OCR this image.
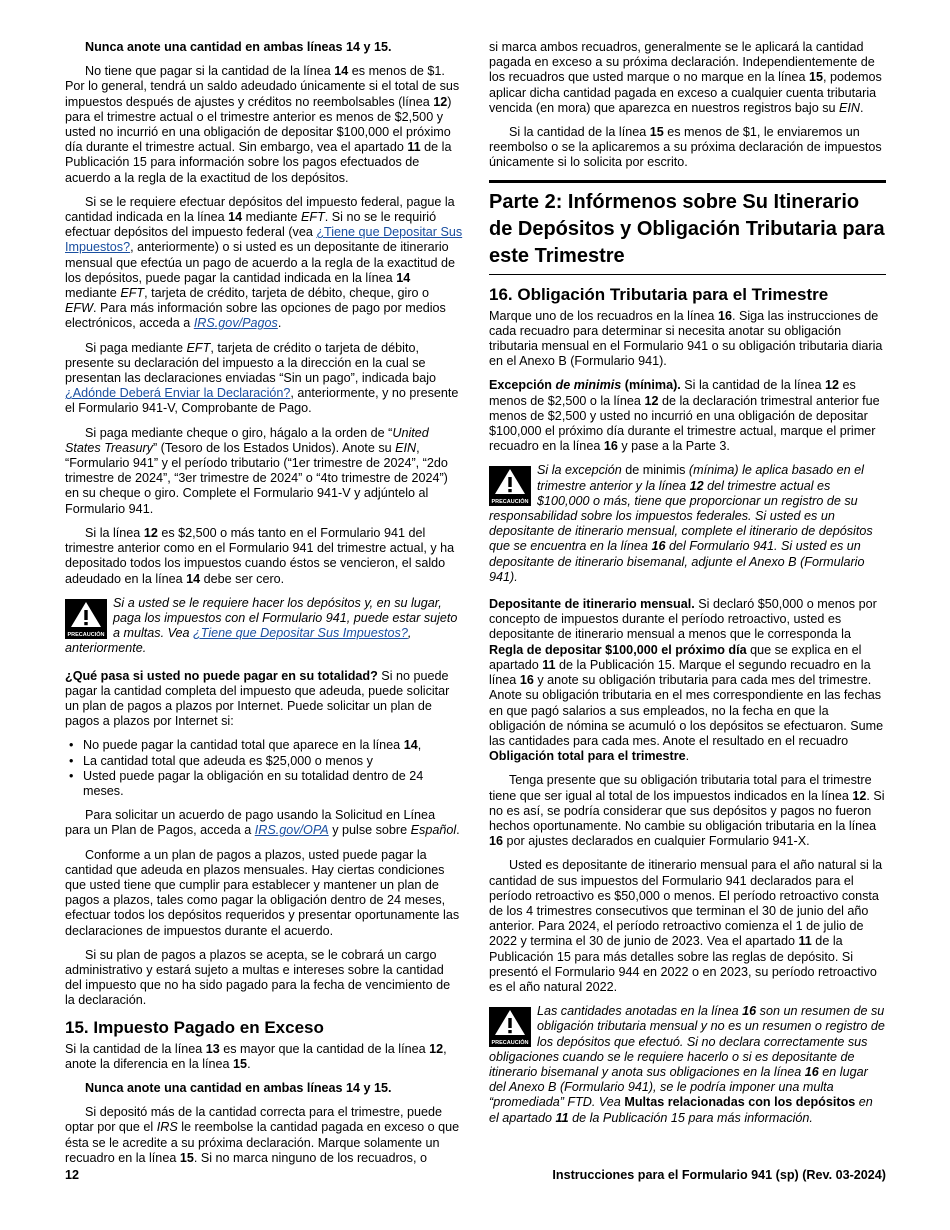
Nunca anote una cantidad en ambas líneas 14 y 15.

No tiene que pagar si la cantidad de la línea 14 es menos de $1. Por lo general, tendrá un saldo adeudado únicamente si el total de sus impuestos después de ajustes y créditos no reembolsables (línea 12) para el trimestre actual o el trimestre anterior es menos de $2,500 y usted no incurrió en una obligación de depositar $100,000 el próximo día durante el trimestre actual. Sin embargo, vea el apartado 11 de la Publicación 15 para información sobre los pagos efectuados de acuerdo a la regla de la exactitud de los depósitos.

Si se le requiere efectuar depósitos del impuesto federal, pague la cantidad indicada en la línea 14 mediante EFT. Si no se le requirió efectuar depósitos del impuesto federal (vea ¿Tiene que Depositar Sus Impuestos?, anteriormente) o si usted es un depositante de itinerario mensual que efectúa un pago de acuerdo a la regla de la exactitud de los depósitos, puede pagar la cantidad indicada en la línea 14 mediante EFT, tarjeta de crédito, tarjeta de débito, cheque, giro o EFW. Para más información sobre las opciones de pago por medios electrónicos, acceda a IRS.gov/Pagos.

Si paga mediante EFT, tarjeta de crédito o tarjeta de débito, presente su declaración del impuesto a la dirección en la cual se presentan las declaraciones enviadas “Sin un pago”, indicada bajo ¿Adónde Deberá Enviar la Declaración?, anteriormente, y no presente el Formulario 941-V, Comprobante de Pago.

Si paga mediante cheque o giro, hágalo a la orden de “United States Treasury” (Tesoro de los Estados Unidos). Anote su EIN, “Formulario 941” y el período tributario (“1er trimestre de 2024”, “2do trimestre de 2024”, “3er trimestre de 2024” o “4to trimestre de 2024”) en su cheque o giro. Complete el Formulario 941-V y adjúntelo al Formulario 941.

Si la línea 12 es $2,500 o más tanto en el Formulario 941 del trimestre anterior como en el Formulario 941 del trimestre actual, y ha depositado todos los impuestos cuando éstos se vencieron, el saldo adeudado en la línea 14 debe ser cero.

PRECAUCIÓN
Si a usted se le requiere hacer los depósitos y, en su lugar, paga los impuestos con el Formulario 941, puede estar sujeto a multas. Vea ¿Tiene que Depositar Sus Impuestos?, anteriormente.

¿Qué pasa si usted no puede pagar en su totalidad? Si no puede pagar la cantidad completa del impuesto que adeuda, puede solicitar un plan de pagos a plazos por Internet. Puede solicitar un plan de pagos a plazos por Internet si:

• No puede pagar la cantidad total que aparece en la línea 14,
• La cantidad total que adeuda es $25,000 o menos y
• Usted puede pagar la obligación en su totalidad dentro de 24 meses.

Para solicitar un acuerdo de pago usando la Solicitud en Línea para un Plan de Pagos, acceda a IRS.gov/OPA y pulse sobre Español.

Conforme a un plan de pagos a plazos, usted puede pagar la cantidad que adeuda en plazos mensuales. Hay ciertas condiciones que usted tiene que cumplir para establecer y mantener un plan de pagos a plazos, tales como pagar la obligación dentro de 24 meses, efectuar todos los depósitos requeridos y presentar oportunamente las declaraciones de impuestos durante el acuerdo.

Si su plan de pagos a plazos se acepta, se le cobrará un cargo administrativo y estará sujeto a multas e intereses sobre la cantidad del impuesto que no ha sido pagado para la fecha de vencimiento de la declaración.

15. Impuesto Pagado en Exceso

Si la cantidad de la línea 13 es mayor que la cantidad de la línea 12, anote la diferencia en la línea 15.

Nunca anote una cantidad en ambas líneas 14 y 15.

Si depositó más de la cantidad correcta para el trimestre, puede optar por que el IRS le reembolse la cantidad pagada en exceso o que ésta se le acredite a su próxima declaración. Marque solamente un recuadro en la línea 15. Si no marca ninguno de los recuadros, o

si marca ambos recuadros, generalmente se le aplicará la cantidad pagada en exceso a su próxima declaración. Independientemente de los recuadros que usted marque o no marque en la línea 15, podemos aplicar dicha cantidad pagada en exceso a cualquier cuenta tributaria vencida (en mora) que aparezca en nuestros registros bajo su EIN.

Si la cantidad de la línea 15 es menos de $1, le enviaremos un reembolso o se la aplicaremos a su próxima declaración de impuestos únicamente si lo solicita por escrito.

Parte 2: Infórmenos sobre Su Itinerario de Depósitos y Obligación Tributaria para este Trimestre
16. Obligación Tributaria para el Trimestre

Marque uno de los recuadros en la línea 16. Siga las instrucciones de cada recuadro para determinar si necesita anotar su obligación tributaria mensual en el Formulario 941 o su obligación tributaria diaria en el Anexo B (Formulario 941).

Excepción de minimis (mínima). Si la cantidad de la línea 12 es menos de $2,500 o la línea 12 de la declaración trimestral anterior fue menos de $2,500 y usted no incurrió en una obligación de depositar $100,000 el próximo día durante el trimestre actual, marque el primer recuadro en la línea 16 y pase a la Parte 3.

PRECAUCIÓN
Si la excepción de minimis (mínima) le aplica basado en el trimestre anterior y la línea 12 del trimestre actual es $100,000 o más, tiene que proporcionar un registro de su responsabilidad sobre los impuestos federales. Si usted es un depositante de itinerario mensual, complete el itinerario de depósitos que se encuentra en la línea 16 del Formulario 941. Si usted es un depositante de itinerario bisemanal, adjunte el Anexo B (Formulario 941).

Depositante de itinerario mensual. Si declaró $50,000 o menos por concepto de impuestos durante el período retroactivo, usted es depositante de itinerario mensual a menos que le corresponda la Regla de depositar $100,000 el próximo día que se explica en el apartado 11 de la Publicación 15. Marque el segundo recuadro en la línea 16 y anote su obligación tributaria para cada mes del trimestre. Anote su obligación tributaria en el mes correspondiente en las fechas en que pagó salarios a sus empleados, no la fecha en que la obligación de nómina se acumuló o los depósitos se efectuaron. Sume las cantidades para cada mes. Anote el resultado en el recuadro Obligación total para el trimestre.

Tenga presente que su obligación tributaria total para el trimestre tiene que ser igual al total de los impuestos indicados en la línea 12. Si no es así, se podría considerar que sus depósitos y pagos no fueron hechos oportunamente. No cambie su obligación tributaria en la línea 16 por ajustes declarados en cualquier Formulario 941-X.

Usted es depositante de itinerario mensual para el año natural si la cantidad de sus impuestos del Formulario 941 declarados para el período retroactivo es $50,000 o menos. El período retroactivo consta de los 4 trimestres consecutivos que terminan el 30 de junio del año anterior. Para 2024, el período retroactivo comienza el 1 de julio de 2022 y termina el 30 de junio de 2023. Vea el apartado 11 de la Publicación 15 para más detalles sobre las reglas de depósito. Si presentó el Formulario 944 en 2022 o en 2023, su período retroactivo es el año natural 2022.

PRECAUCIÓN
Las cantidades anotadas en la línea 16 son un resumen de su obligación tributaria mensual y no es un resumen o registro de los depósitos que efectuó. Si no declara correctamente sus obligaciones cuando se le requiere hacerlo o si es depositante de itinerario bisemanal y anota sus obligaciones en la línea 16 en lugar del Anexo B (Formulario 941), se le podría imponer una multa “promediada” FTD. Vea Multas relacionadas con los depósitos en el apartado 11 de la Publicación 15 para más información.
12	Instrucciones para el Formulario 941 (sp) (Rev. 03-2024)
